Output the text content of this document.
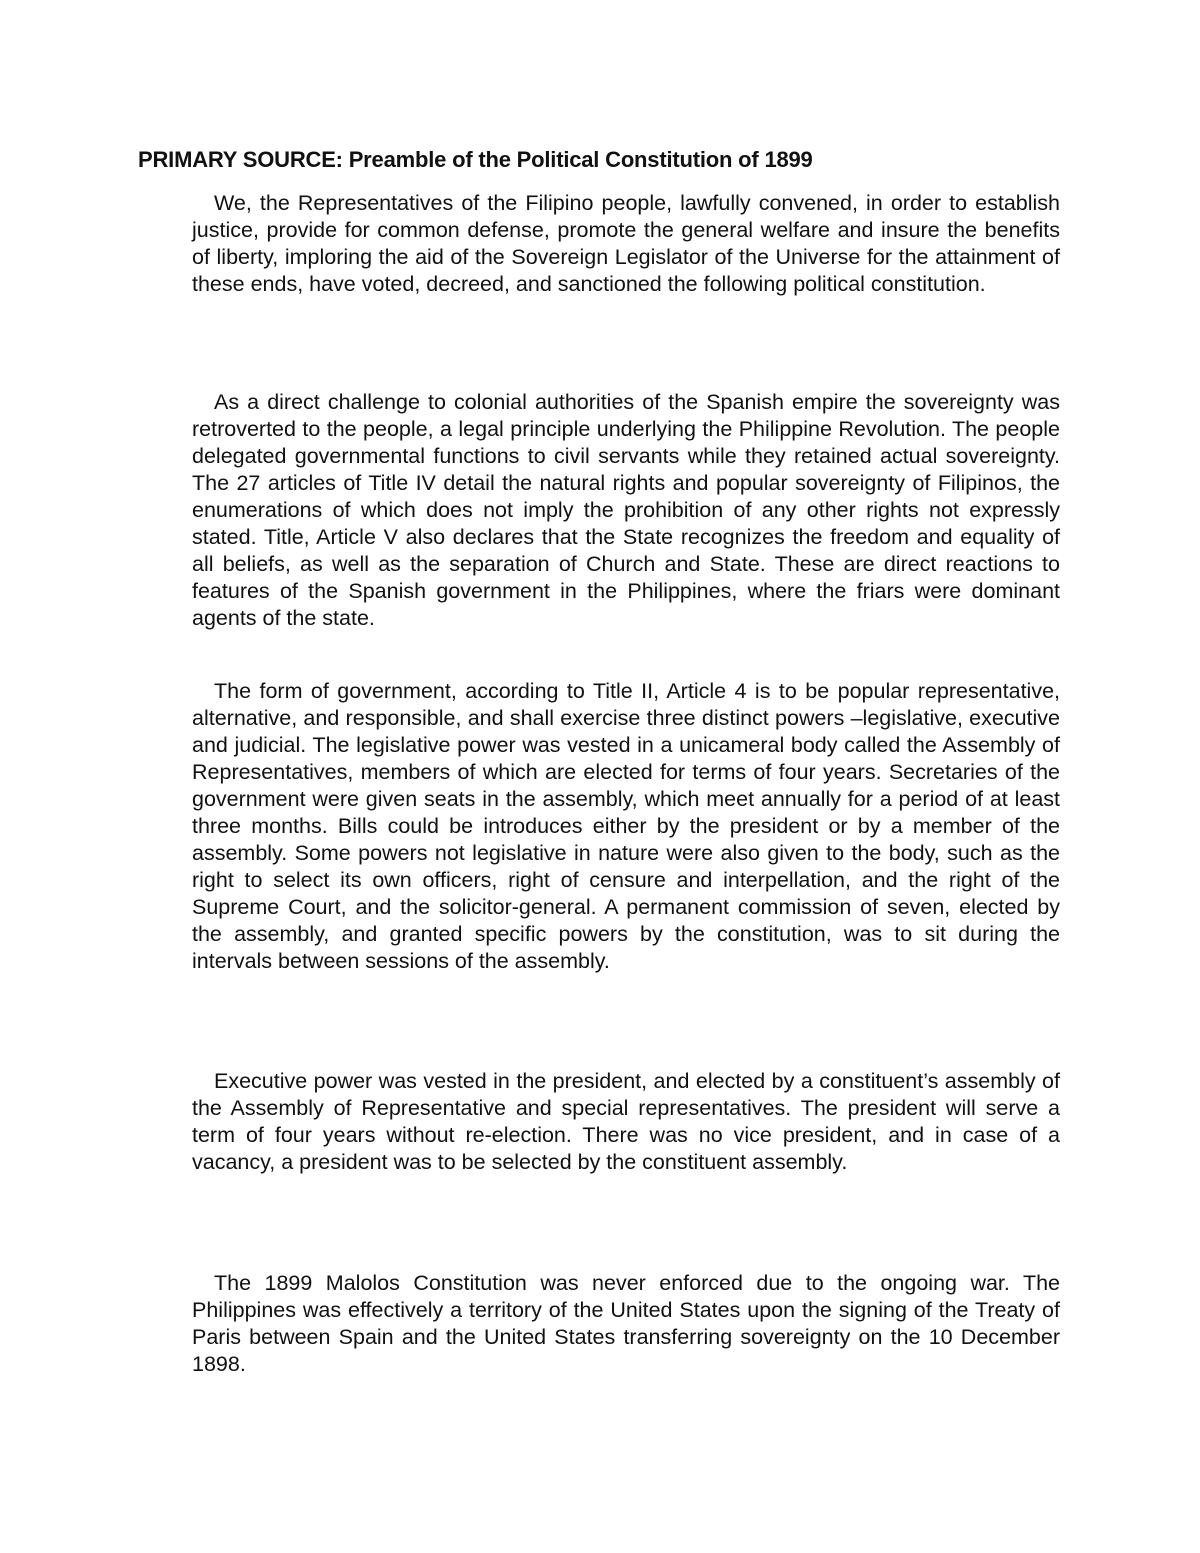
PRIMARY SOURCE: Preamble of the Political Constitution of 1899

We, the Representatives of the Filipino people, lawfully convened, in order to establish justice, provide for common defense, promote the general welfare and insure the benefits of liberty, imploring the aid of the Sovereign Legislator of the Universe for the attainment of these ends, have voted, decreed, and sanctioned the following political constitution.

As a direct challenge to colonial authorities of the Spanish empire the sovereignty was retroverted to the people, a legal principle underlying the Philippine Revolution. The people delegated governmental functions to civil servants while they retained actual sovereignty. The 27 articles of Title IV detail the natural rights and popular sovereignty of Filipinos, the enumerations of which does not imply the prohibition of any other rights not expressly stated. Title, Article V also declares that the State recognizes the freedom and equality of all beliefs, as well as the separation of Church and State. These are direct reactions to features of the Spanish government in the Philippines, where the friars were dominant agents of the state.

The form of government, according to Title II, Article 4 is to be popular representative, alternative, and responsible, and shall exercise three distinct powers –legislative, executive and judicial. The legislative power was vested in a unicameral body called the Assembly of Representatives, members of which are elected for terms of four years. Secretaries of the government were given seats in the assembly, which meet annually for a period of at least three months. Bills could be introduces either by the president or by a member of the assembly. Some powers not legislative in nature were also given to the body, such as the right to select its own officers, right of censure and interpellation, and the right of the Supreme Court, and the solicitor-general. A permanent commission of seven, elected by the assembly, and granted specific powers by the constitution, was to sit during the intervals between sessions of the assembly.

Executive power was vested in the president, and elected by a constituent’s assembly of the Assembly of Representative and special representatives. The president will serve a term of four years without re-election. There was no vice president, and in case of a vacancy, a president was to be selected by the constituent assembly.

The 1899 Malolos Constitution was never enforced due to the ongoing war. The Philippines was effectively a territory of the United States upon the signing of the Treaty of Paris between Spain and the United States transferring sovereignty on the 10 December 1898.
